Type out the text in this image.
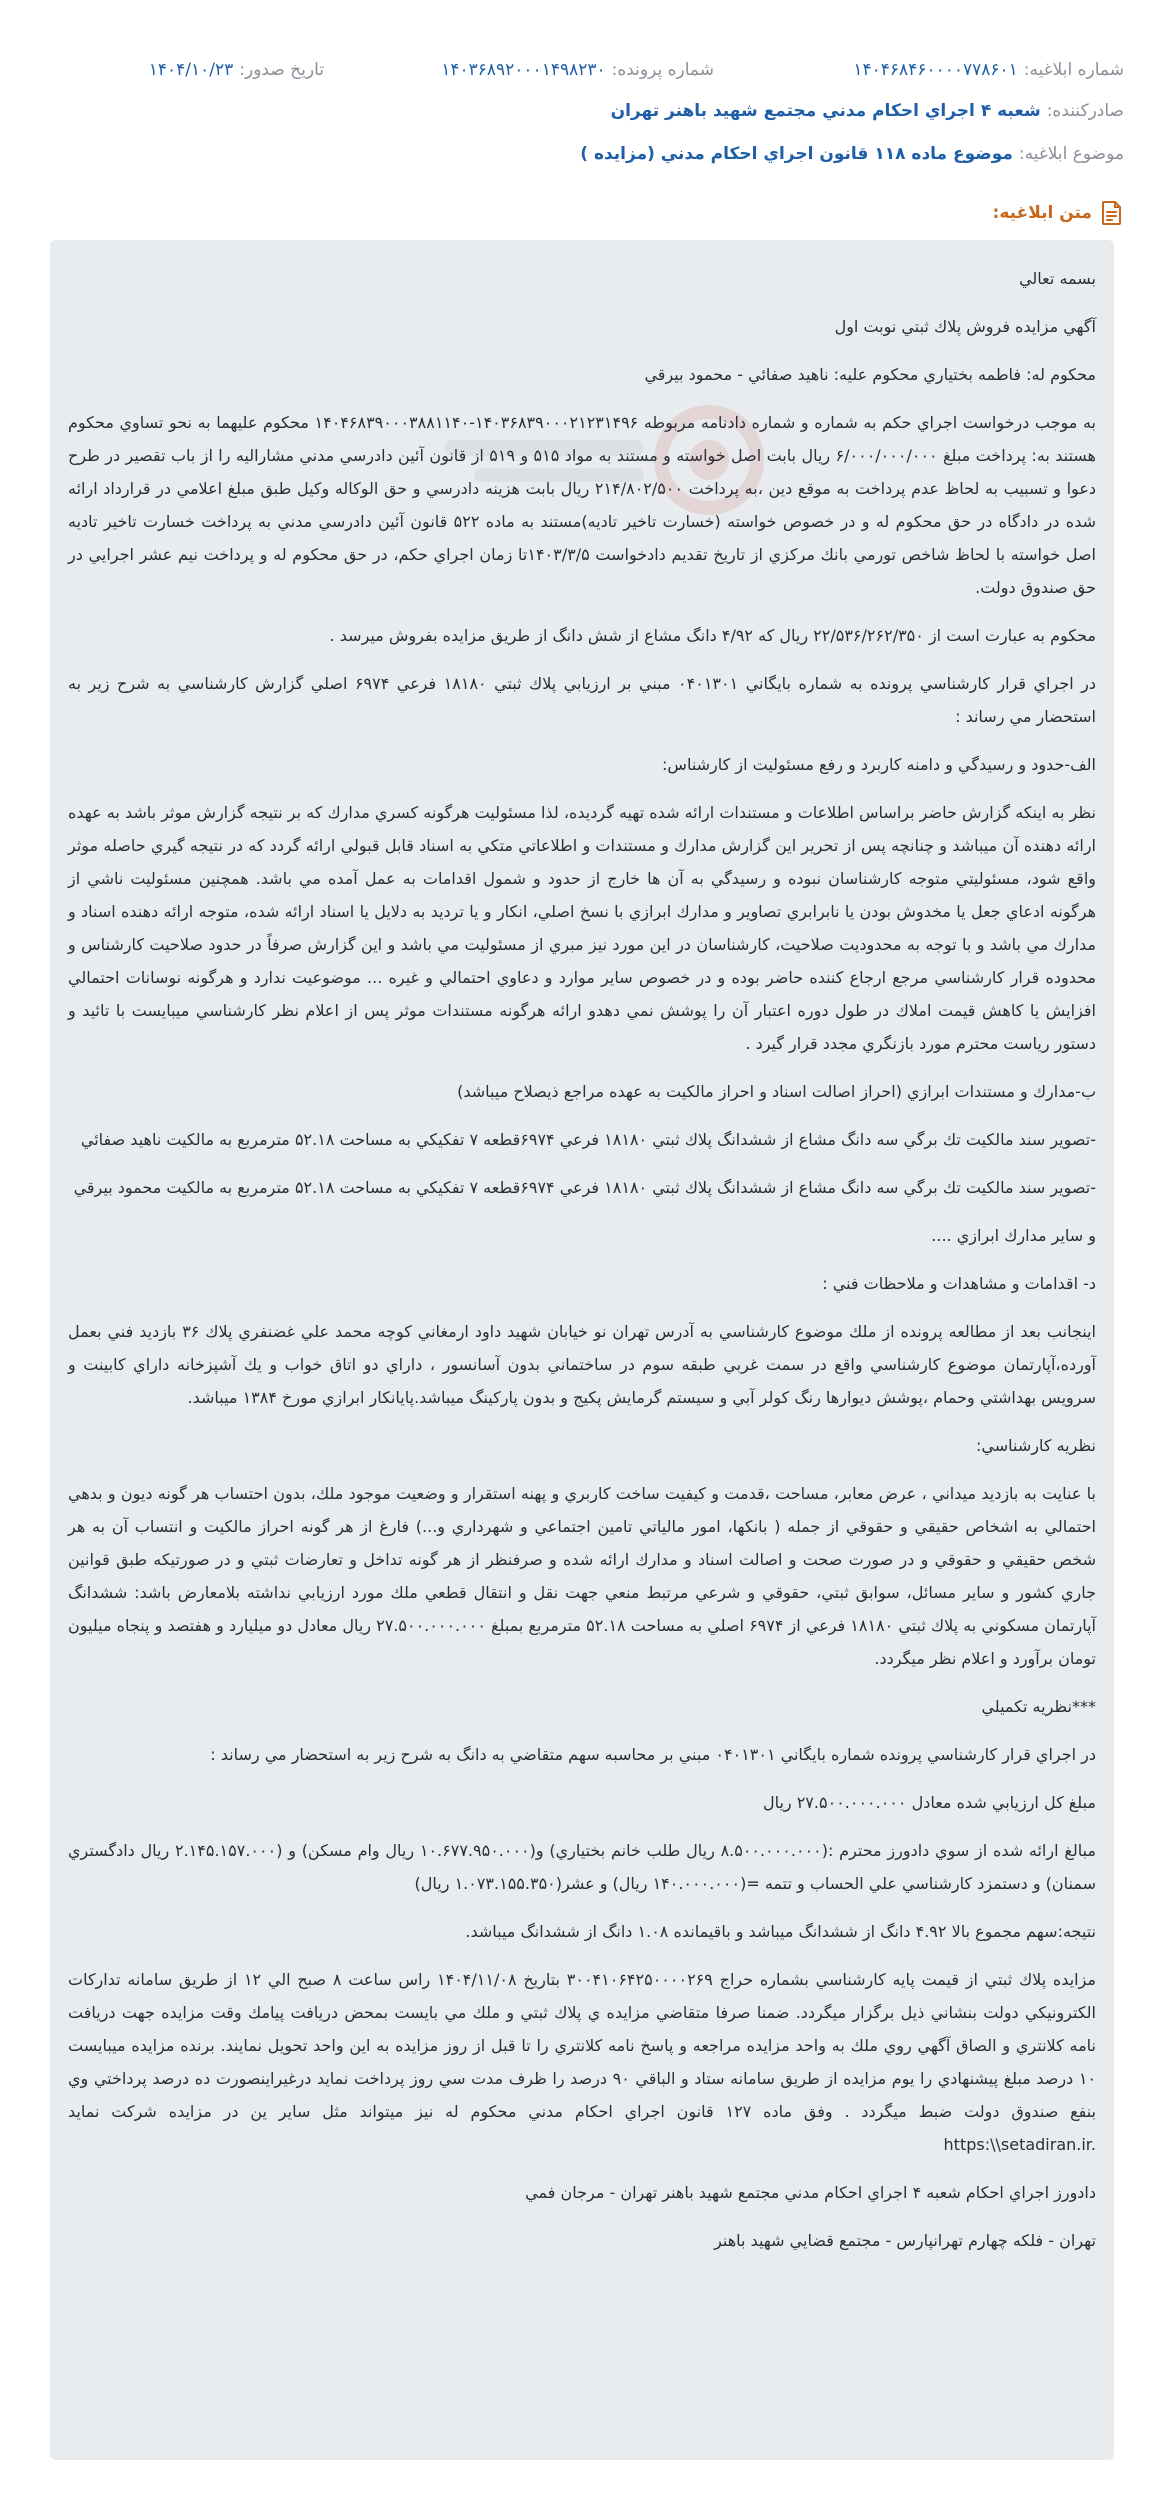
شماره ابلاغیه:
۱۴۰۴۶۸۴۶۰۰۰۰۷۷۸۶۰۱
شماره پرونده:
۱۴۰۳۶۸۹۲۰۰۰۱۴۹۸۲۳۰
تاریخ صدور:
۱۴۰۴/۱۰/۲۳
صادرکننده:
شعبه ۴ اجراي احكام مدني مجتمع شهيد باهنر تهران
موضوع ابلاغیه:
موضوع ماده ۱۱۸ قانون اجراي احكام مدني (مزايده )
متن ابلاغیه:

بسمه تعالي

آگهي مزايده فروش پلاك ثبتي نوبت اول

محكوم له: فاطمه بختياري محكوم عليه: ناهيد صفائي - محمود بيرقي

به موجب درخواست اجراي حكم به شماره و شماره دادنامه مربوطه ۱۴۰۳۶۸۳۹۰۰۰۲۱۲۳۱۴۹۶-۱۴۰۴۶۸۳۹۰۰۰۳۸۸۱۱۴۰ محكوم عليهما به نحو تساوي محكوم هستند به: پرداخت مبلغ ۶/۰۰۰/۰۰۰/۰۰۰ ريال بابت اصل خواسته و مستند به مواد ۵۱۵ و ۵۱۹ از قانون آئين دادرسي مدني مشاراليه را از باب تقصير در طرح دعوا و تسبيب به لحاظ عدم پرداخت به موقع دين ،به پرداخت ۲۱۴/۸۰۲/۵۰۰ ريال بابت هزينه دادرسي و حق الوكاله وكيل طبق مبلغ اعلامي در قرارداد ارائه شده در دادگاه در حق محكوم له و در خصوص خواسته (خسارت تاخير تاديه)مستند به ماده ۵۲۲ قانون آئين دادرسي مدني به پرداخت خسارت تاخير تاديه اصل خواسته با لحاظ شاخص تورمي بانك مركزي از تاريخ تقديم دادخواست ۱۴۰۳/۳/۵تا زمان اجراي حكم، در حق محكوم له و پرداخت نيم عشر اجرايي در حق صندوق دولت.

محكوم به عبارت است از ۲۲/۵۳۶/۲۶۲/۳۵۰ ريال كه ۴/۹۲ دانگ مشاع از شش دانگ از طريق مزايده بفروش ميرسد .

در اجراي قرار كارشناسي پرونده به شماره بايگاني ۰۴۰۱۳۰۱ مبني بر ارزيابي پلاك ثبتي ۱۸۱۸۰ فرعي ۶۹۷۴ اصلي گزارش كارشناسي به شرح زير به استحضار مي رساند :

الف-حدود و رسيدگي و دامنه كاربرد و رفع مسئوليت از كارشناس:

نظر به اينكه گزارش حاضر براساس اطلاعات و مستندات ارائه شده تهيه گرديده، لذا مسئوليت هرگونه كسري مدارك كه بر نتيجه گزارش موثر باشد به عهده ارائه دهنده آن ميباشد و چنانچه پس از تحرير اين گزارش مدارك و مستندات و اطلاعاتي متكي به اسناد قابل قبولي ارائه گردد كه در نتيجه گيري حاصله موثر واقع شود، مسئوليتي متوجه كارشناسان نبوده و رسيدگي به آن ها خارج از حدود و شمول اقدامات به عمل آمده مي باشد. همچنين مسئوليت ناشي از هرگونه ادعاي جعل يا مخدوش بودن يا نابرابري تصاوير و مدارك ابرازي با نسخ اصلي، انكار و يا ترديد به دلايل يا اسناد ارائه شده، متوجه ارائه دهنده اسناد و مدارك مي باشد و با توجه به محدوديت صلاحيت، كارشناسان در اين مورد نيز مبري از مسئوليت مي باشد و اين گزارش صرفاً در حدود صلاحيت كارشناس و محدوده قرار كارشناسي مرجع ارجاع كننده حاضر بوده و در خصوص ساير موارد و دعاوي احتمالي و غيره ... موضوعيت ندارد و هرگونه نوسانات احتمالي افزايش يا كاهش قيمت املاك در طول دوره اعتبار آن را پوشش نمي دهدو ارائه هرگونه مستندات موثر پس از اعلام نظر كارشناسي ميبايست با تائيد و دستور رياست محترم مورد بازنگري مجدد قرار گيرد .

ب-مدارك و مستندات ابرازي (احراز اصالت اسناد و احراز مالكيت به عهده مراجع ذيصلاح ميباشد)

-تصوير سند مالكيت تك برگي سه دانگ مشاع از ششدانگ پلاك ثبتي ۱۸۱۸۰ فرعي ۶۹۷۴قطعه ۷ تفكيكي به مساحت ۵۲.۱۸ مترمربع به مالكيت ناهيد صفائي

-تصوير سند مالكيت تك برگي سه دانگ مشاع از ششدانگ پلاك ثبتي ۱۸۱۸۰ فرعي ۶۹۷۴قطعه ۷ تفكيكي به مساحت ۵۲.۱۸ مترمربع به مالكيت محمود بيرقي

و ساير مدارك ابرازي ....

د- اقدامات و مشاهدات و ملاحظات فني :

اينجانب بعد از مطالعه پرونده از ملك موضوع كارشناسي به آدرس تهران نو خيابان شهيد داود ارمغاني كوچه محمد علي غضنفري پلاك ۳۶ بازديد فني بعمل آورده،آپارتمان موضوع كارشناسي واقع در سمت غربي طبقه سوم در ساختماني بدون آسانسور ، داراي دو اتاق خواب و يك آشپزخانه داراي كابينت و سرويس بهداشتي وحمام ،پوشش ديوارها رنگ كولر آبي و سيستم گرمايش پكيج و بدون پاركينگ ميباشد.پايانكار ابرازي مورخ ۱۳۸۴ ميباشد.

نظريه كارشناسي:

با عنايت به بازديد ميداني ، عرض معابر، مساحت ،قدمت و كيفيت ساخت كاربري و پهنه استقرار و وضعيت موجود ملك، بدون احتساب هر گونه ديون و بدهي احتمالي به اشخاص حقيقي و حقوقي از جمله ( بانكها، امور مالياتي تامين اجتماعي و شهرداري و...) فارغ از هر گونه احراز مالكيت و انتساب آن به هر شخص حقيقي و حقوقي و در صورت صحت و اصالت اسناد و مدارك ارائه شده و صرفنظر از هر گونه تداخل و تعارضات ثبتي و در صورتيكه طبق قوانين جاري كشور و ساير مسائل، سوابق ثبتي، حقوقي و شرعي مرتبط منعي جهت نقل و انتقال قطعي ملك مورد ارزيابي نداشته بلامعارض باشد: ششدانگ آپارتمان مسكوني به پلاك ثبتي ۱۸۱۸۰ فرعي از ۶۹۷۴ اصلي به مساحت ۵۲.۱۸ مترمربع بمبلغ ۲۷.۵۰۰.۰۰۰.۰۰۰ ريال معادل دو ميليارد و هفتصد و پنجاه ميليون تومان برآورد و اعلام نظر ميگردد.

***نظريه تكميلي

در اجراي قرار كارشناسي پرونده شماره بايگاني ۰۴۰۱۳۰۱ مبني بر محاسبه سهم متقاضي به دانگ به شرح زير به استحضار مي رساند :

مبلغ كل ارزيابي شده معادل ۲۷.۵۰۰.۰۰۰.۰۰۰ ريال

مبالغ ارائه شده از سوي دادورز محترم :(۸.۵۰۰.۰۰۰.۰۰۰ ريال طلب خانم بختياري) و(۱۰.۶۷۷.۹۵۰.۰۰۰ ريال وام مسكن) و (۲.۱۴۵.۱۵۷.۰۰۰ ريال دادگستري سمنان) و دستمزد كارشناسي علي الحساب و تتمه =(۱۴۰.۰۰۰.۰۰۰ ريال) و عشر(۱.۰۷۳.۱۵۵.۳۵۰ ريال)

نتيجه:سهم مجموع بالا ۴.۹۲ دانگ از ششدانگ ميباشد و باقيمانده ۱.۰۸ دانگ از ششدانگ ميباشد.

مزايده پلاك ثبتي از قيمت پايه كارشناسي بشماره حراج ۳۰۰۴۱۰۶۴۲۵۰۰۰۰۲۶۹ بتاريخ ۱۴۰۴/۱۱/۰۸ راس ساعت ۸ صبح الي ۱۲ از طريق سامانه تداركات الكترونيكي دولت بنشاني ذيل برگزار ميگردد. ضمنا صرفا متقاضي مزايده ي پلاك ثبتي و ملك مي بايست بمحض دريافت پيامك وقت مزايده جهت دريافت نامه كلانتري و الصاق آگهي روي ملك به واحد مزايده مراجعه و پاسخ نامه كلانتري را تا قبل از روز مزايده به اين واحد تحويل نمايند. برنده مزايده ميبايست ۱۰ درصد مبلغ پيشنهادي را يوم مزايده از طريق سامانه ستاد و الباقي ۹۰ درصد را ظرف مدت سي روز پرداخت نمايد درغيراينصورت ده درصد پرداختي وي بنفع صندوق دولت ضبط ميگردد . وفق ماده ۱۲۷ قانون اجراي احكام مدني محكوم له نيز ميتواند مثل ساير ين در مزايده شركت نمايد https:\\setadiran.ir.

دادورز اجراي احكام شعبه ۴ اجراي احكام مدني مجتمع شهيد باهنر تهران - مرجان فمي

تهران - فلكه چهارم تهرانپارس - مجتمع قضايي شهيد باهنر
